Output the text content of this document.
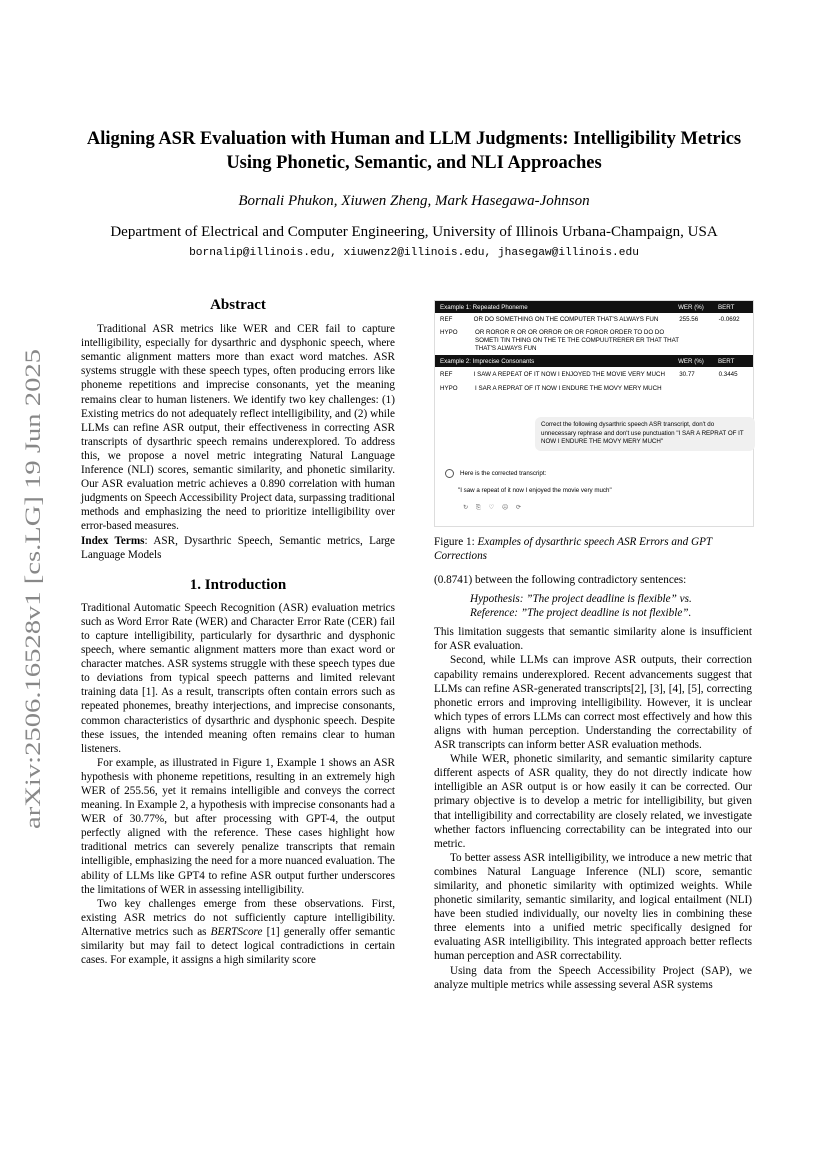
arXiv:2506.16528v1 [cs.LG] 19 Jun 2025
Aligning ASR Evaluation with Human and LLM Judgments: Intelligibility Metrics Using Phonetic, Semantic, and NLI Approaches
Bornali Phukon, Xiuwen Zheng, Mark Hasegawa-Johnson
Department of Electrical and Computer Engineering, University of Illinois Urbana-Champaign, USA
bornalip@illinois.edu, xiuwenz2@illinois.edu, jhasegaw@illinois.edu
Abstract

Traditional ASR metrics like WER and CER fail to capture intelligibility, especially for dysarthric and dysphonic speech, where semantic alignment matters more than exact word matches. ASR systems struggle with these speech types, often producing errors like phoneme repetitions and imprecise consonants, yet the meaning remains clear to human listeners. We identify two key challenges: (1) Existing metrics do not adequately reflect intelligibility, and (2) while LLMs can refine ASR output, their effectiveness in correcting ASR transcripts of dysarthric speech remains underexplored. To address this, we propose a novel metric integrating Natural Language Inference (NLI) scores, semantic similarity, and phonetic similarity. Our ASR evaluation metric achieves a 0.890 correlation with human judgments on Speech Accessibility Project data, surpassing traditional methods and emphasizing the need to prioritize intelligibility over error-based measures.

Index Terms: ASR, Dysarthric Speech, Semantic metrics, Large Language Models

1. Introduction

Traditional Automatic Speech Recognition (ASR) evaluation metrics such as Word Error Rate (WER) and Character Error Rate (CER) fail to capture intelligibility, particularly for dysarthric and dysphonic speech, where semantic alignment matters more than exact word or character matches. ASR systems struggle with these speech types due to deviations from typical speech patterns and limited relevant training data [1]. As a result, transcripts often contain errors such as repeated phonemes, breathy interjections, and imprecise consonants, common characteristics of dysarthric and dysphonic speech. Despite these issues, the intended meaning often remains clear to human listeners.

For example, as illustrated in Figure 1, Example 1 shows an ASR hypothesis with phoneme repetitions, resulting in an extremely high WER of 255.56, yet it remains intelligible and conveys the correct meaning. In Example 2, a hypothesis with imprecise consonants had a WER of 30.77%, but after processing with GPT-4, the output perfectly aligned with the reference. These cases highlight how traditional metrics can severely penalize transcripts that remain intelligible, emphasizing the need for a more nuanced evaluation. The ability of LLMs like GPT4 to refine ASR output further underscores the limitations of WER in assessing intelligibility.

Two key challenges emerge from these observations. First, existing ASR metrics do not sufficiently capture intelligibility. Alternative metrics such as BERTScore [1] generally offer semantic similarity but may fail to detect logical contradictions in certain cases. For example, it assigns a high similarity score

Example 1: Repeated Phoneme	WER (%)	BERT
REF	OR DO SOMETHING ON THE COMPUTER THAT'S ALWAYS FUN	255.56	-0.0692
HYPO	OR ROROR R OR OR ORROR OR OR FOROR ORDER TO DO DO SOMETI TIN THING ON THE TE THE COMPUUTRERER ER THAT THAT THAT'S ALWAYS FUN
Example 2: Imprecise Consonants	WER (%)	BERT
REF	I SAW A REPEAT OF IT NOW I ENJOYED THE MOVIE VERY MUCH	30.77	0.3445
HYPO	I SAR A REPRAT OF IT NOW I ENDURE THE MOVY MERY MUCH
Correct the following dysarthric speech ASR transcript, don't do unnecessary rephrase and don't use punctuation "I SAR A REPRAT OF IT NOW I ENDURE THE MOVY MERY MUCH"
Here is the corrected transcript:
"I saw a repeat of it now I enjoyed the movie very much"
↻ ⎘ ♡ ☹ ⟳
Figure 1: Examples of dysarthric speech ASR Errors and GPT Corrections

(0.8741) between the following contradictory sentences:

Hypothesis: ”The project deadline is flexible” vs.

Reference: ”The project deadline is not flexible”.

This limitation suggests that semantic similarity alone is insufficient for ASR evaluation.

Second, while LLMs can improve ASR outputs, their correction capability remains underexplored. Recent advancements suggest that LLMs can refine ASR-generated transcripts[2], [3], [4], [5], correcting phonetic errors and improving intelligibility. However, it is unclear which types of errors LLMs can correct most effectively and how this aligns with human perception. Understanding the correctability of ASR transcripts can inform better ASR evaluation methods.

While WER, phonetic similarity, and semantic similarity capture different aspects of ASR quality, they do not directly indicate how intelligible an ASR output is or how easily it can be corrected. Our primary objective is to develop a metric for intelligibility, but given that intelligibility and correctability are closely related, we investigate whether factors influencing correctability can be integrated into our metric.

To better assess ASR intelligibility, we introduce a new metric that combines Natural Language Inference (NLI) score, semantic similarity, and phonetic similarity with optimized weights. While phonetic similarity, semantic similarity, and logical entailment (NLI) have been studied individually, our novelty lies in combining these three elements into a unified metric specifically designed for evaluating ASR intelligibility. This integrated approach better reflects human perception and ASR correctability.

Using data from the Speech Accessibility Project (SAP), we analyze multiple metrics while assessing several ASR systems
